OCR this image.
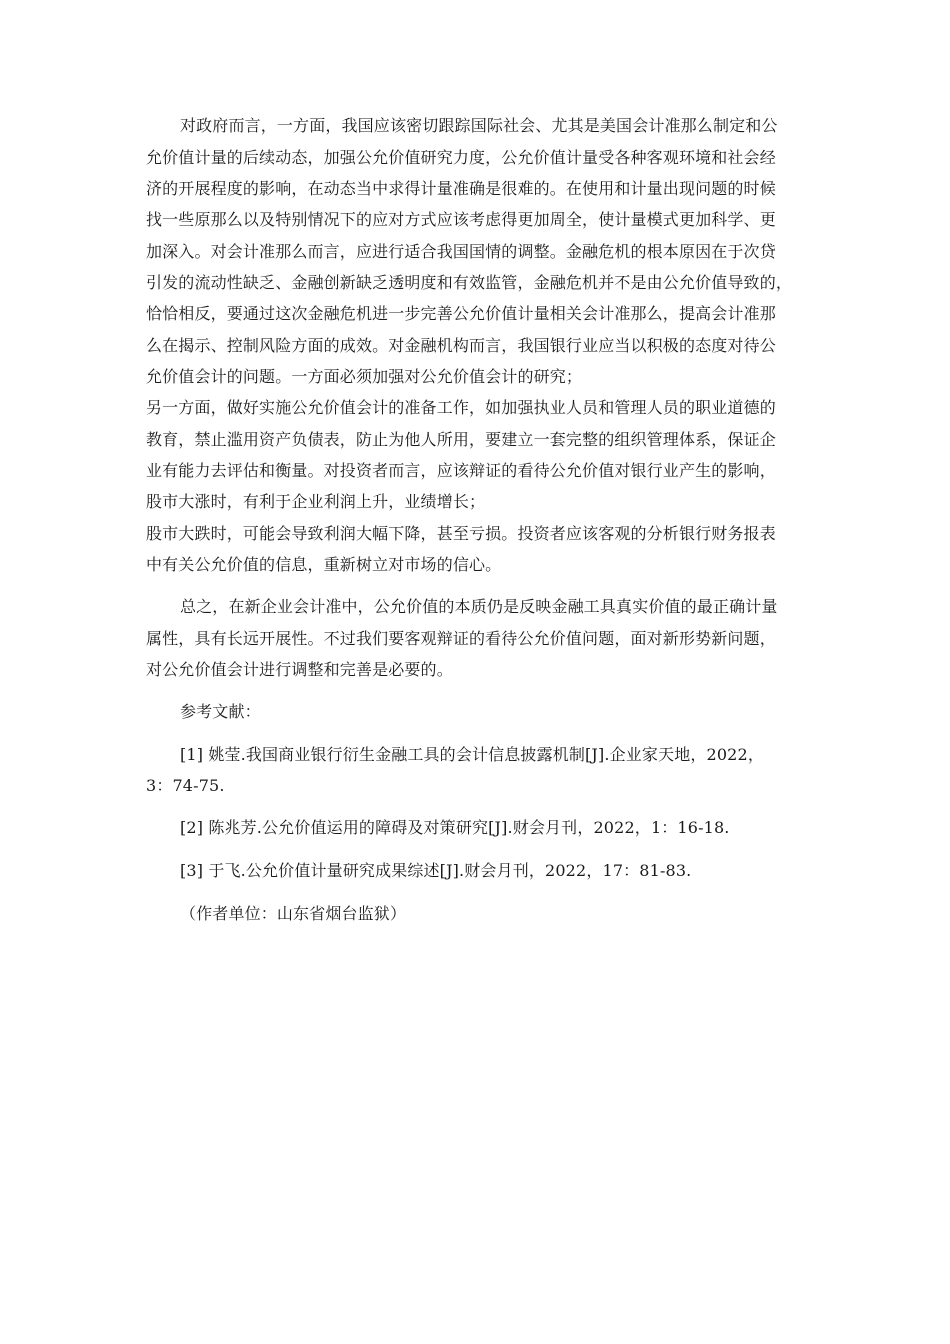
对政府而言，一方面，我国应该密切跟踪国际社会、尤其是美国会计准那么制定和公
允价值计量的后续动态，加强公允价值研究力度，公允价值计量受各种客观环境和社会经
济的开展程度的影响，在动态当中求得计量准确是很难的。在使用和计量出现问题的时候
找一些原那么以及特别情况下的应对方式应该考虑得更加周全，使计量模式更加科学、更
加深入。对会计准那么而言，应进行适合我国国情的调整。金融危机的根本原因在于次贷
引发的流动性缺乏、金融创新缺乏透明度和有效监管，金融危机并不是由公允价值导致的，
恰恰相反，要通过这次金融危机进一步完善公允价值计量相关会计准那么，提高会计准那
么在揭示、控制风险方面的成效。对金融机构而言，我国银行业应当以积极的态度对待公
允价值会计的问题。一方面必须加强对公允价值会计的研究；
另一方面，做好实施公允价值会计的准备工作，如加强执业人员和管理人员的职业道德的
教育，禁止滥用资产负债表，防止为他人所用，要建立一套完整的组织管理体系，保证企
业有能力去评估和衡量。对投资者而言，应该辩证的看待公允价值对银行业产生的影响，
股市大涨时，有利于企业利润上升，业绩增长；
股市大跌时，可能会导致利润大幅下降，甚至亏损。投资者应该客观的分析银行财务报表
中有关公允价值的信息，重新树立对市场的信心。
总之，在新企业会计准中，公允价值的本质仍是反映金融工具真实价值的最正确计量
属性，具有长远开展性。不过我们要客观辩证的看待公允价值问题，面对新形势新问题，
对公允价值会计进行调整和完善是必要的。
参考文献：
[1] 姚莹.我国商业银行衍生金融工具的会计信息披露机制[J].企业家天地，2022，
3：74-75.
[2] 陈兆芳.公允价值运用的障碍及对策研究[J].财会月刊，2022，1：16-18.
[3] 于飞.公允价值计量研究成果综述[J].财会月刊，2022，17：81-83.
（作者单位：山东省烟台监狱）
